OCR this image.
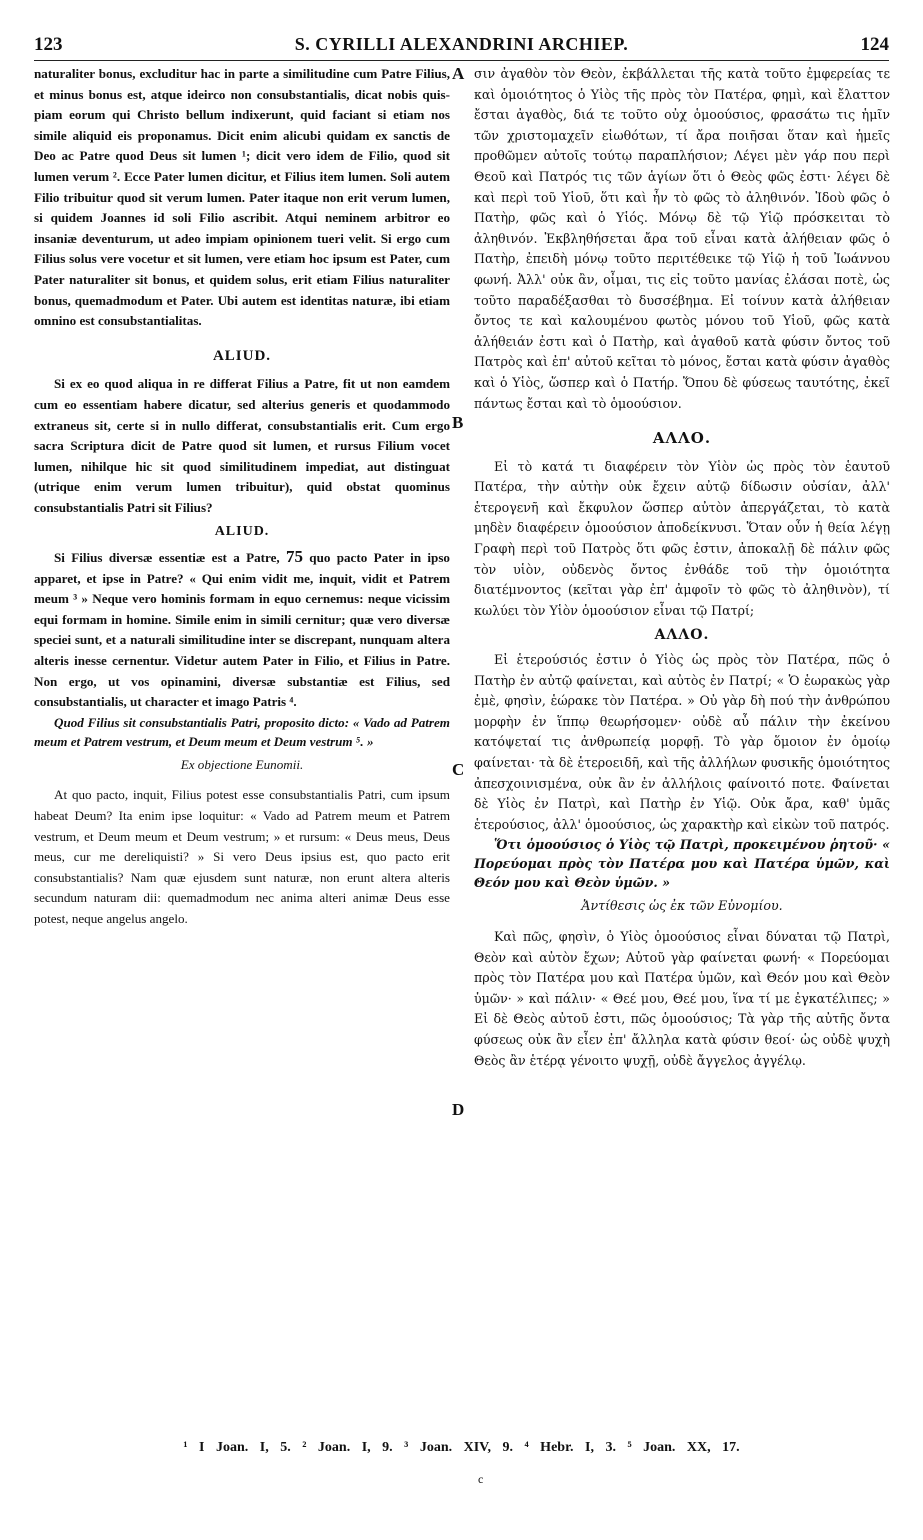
123	S. CYRILLI ALEXANDRINI ARCHIEP.	124
A
B
C
D

naturaliter bonus, excluditur hac in parte a similitudine cum Patre Filius, et minus bonus est, atque ideirco non consubstantialis, dicat nobis quispiam eorum qui Christo bellum indixerunt, quid faciant si etiam nos simile aliquid eis proponamus. Dicit enim alicubi quidam ex sanctis de Deo ac Patre quod Deus sit lumen ¹; dicit vero idem de Filio, quod sit lumen verum ². Ecce Pater lumen dicitur, et Filius item lumen. Soli autem Filio tribuitur quod sit verum lumen. Pater itaque non erit verum lumen, si quidem Joannes id soli Filio ascribit. Atqui neminem arbitror eo insaniæ deventurum, ut adeo impiam opinionem tueri velit. Si ergo cum Filius solus vere vocetur et sit lumen, vere etiam hoc ipsum est Pater, cum Pater naturaliter sit bonus, et quidem solus, erit etiam Filius naturaliter bonus, quemadmodum et Pater. Ubi autem est identitas naturæ, ibi etiam omnino est consubstantialitas.

ALIUD.

Si ex eo quod aliqua in re differat Filius a Patre, fit ut non eamdem cum eo essentiam habere dicatur, sed alterius generis et quodammodo extraneus sit, certe si in nullo differat, consubstantialis erit. Cum ergo sacra Scriptura dicit de Patre quod sit lumen, et rursus Filium vocet lumen, nihilque hic sit quod similitudinem impediat, aut distinguat (utrique enim verum lumen tribuitur), quid obstat quominus consubstantialis Patri sit Filius?

ALIUD.

Si Filius diversæ essentiæ est a Patre, 75 quo pacto Pater in ipso apparet, et ipse in Patre? « Qui enim vidit me, inquit, vidit et Patrem meum ³ » Neque vero hominis formam in equo cernemus: neque vicissim equi formam in homine. Simile enim in simili cernitur; quæ vero diversæ speciei sunt, et a naturali similitudine inter se discrepant, nunquam altera alteris inesse cernentur. Videtur autem Pater in Filio, et Filius in Patre. Non ergo, ut vos opinamini, diversæ substantiæ est Filius, sed consubstantialis, ut character et imago Patris ⁴.

Quod Filius sit consubstantialis Patri, proposito dicto: « Vado ad Patrem meum et Patrem vestrum, et Deum meum et Deum vestrum ⁵. »

Ex objectione Eunomii.

At quo pacto, inquit, Filius potest esse consubstantialis Patri, cum ipsum habeat Deum? Ita enim ipse loquitur: « Vado ad Patrem meum et Patrem vestrum, et Deum meum et Deum vestrum; » et rursum: « Deus meus, Deus meus, cur me dereliquisti? » Si vero Deus ipsius est, quo pacto erit consubstantialis? Nam quæ ejusdem sunt naturæ, non erunt altera alteris secundum naturam dii: quemadmodum nec anima alteri animæ Deus esse potest, neque angelus angelo.

σιν ἀγαθὸν τὸν Θεὸν, ἐκβάλλεται τῆς κατὰ τοῦτο ἐμφερείας τε καὶ ὁμοιότητος ὁ Υἱὸς τῆς πρὸς τὸν Πατέρα, φημὶ, καὶ ἔλαττον ἔσται ἀγαθὸς, διά τε τοῦτο οὐχ ὁμοούσιος, φρασάτω τις ἡμῖν τῶν χριστομαχεῖν εἰωθότων, τί ἄρα ποιῆσαι ὅταν καὶ ἡμεῖς προθῶμεν αὐτοῖς τούτῳ παραπλήσιον; Λέγει μὲν γάρ που περὶ Θεοῦ καὶ Πατρός τις τῶν ἁγίων ὅτι ὁ Θεὸς φῶς ἐστι· λέγει δὲ καὶ περὶ τοῦ Υἱοῦ, ὅτι καὶ ἦν τὸ φῶς τὸ ἀληθινόν. Ἰδοὺ φῶς ὁ Πατὴρ, φῶς καὶ ὁ Υἱός. Μόνῳ δὲ τῷ Υἱῷ πρόσκειται τὸ ἀληθινόν. Ἐκβληθήσεται ἄρα τοῦ εἶναι κατὰ ἀλήθειαν φῶς ὁ Πατὴρ, ἐπειδὴ μόνῳ τοῦτο περιτέθεικε τῷ Υἱῷ ἡ τοῦ Ἰωάννου φωνή. Ἀλλ' οὐκ ἂν, οἶμαι, τις εἰς τοῦτο μανίας ἐλάσαι ποτὲ, ὡς τοῦτο παραδέξασθαι τὸ δυσσέβημα. Εἰ τοίνυν κατὰ ἀλήθειαν ὄντος τε καὶ καλουμένου φωτὸς μόνου τοῦ Υἱοῦ, φῶς κατὰ ἀλήθειάν ἐστι καὶ ὁ Πατὴρ, καὶ ἀγαθοῦ κατὰ φύσιν ὄντος τοῦ Πατρὸς καὶ ἐπ' αὐτοῦ κεῖται τὸ μόνος, ἔσται κατὰ φύσιν ἀγαθὸς καὶ ὁ Υἱὸς, ὥσπερ καὶ ὁ Πατήρ. Ὅπου δὲ φύσεως ταυτότης, ἐκεῖ πάντως ἔσται καὶ τὸ ὁμοούσιον.

ΑΛΛΟ.

Εἰ τὸ κατά τι διαφέρειν τὸν Υἱὸν ὡς πρὸς τὸν ἑαυτοῦ Πατέρα, τὴν αὐτὴν οὐκ ἔχειν αὐτῷ δίδωσιν οὐσίαν, ἀλλ' ἑτερογενῆ καὶ ἔκφυλον ὥσπερ αὐτὸν ἀπεργάζεται, τὸ κατὰ μηδὲν διαφέρειν ὁμοούσιον ἀποδείκνυσι. Ὅταν οὖν ἡ θεία λέγῃ Γραφὴ περὶ τοῦ Πατρὸς ὅτι φῶς ἐστιν, ἀποκαλῇ δὲ πάλιν φῶς τὸν υἱὸν, οὐδενὸς ὄντος ἐνθάδε τοῦ τὴν ὁμοιότητα διατέμνοντος (κεῖται γὰρ ἐπ' ἀμφοῖν τὸ φῶς τὸ ἀληθινὸν), τί κωλύει τὸν Υἱὸν ὁμοούσιον εἶναι τῷ Πατρί;

ΑΛΛΟ.

Εἰ ἑτερούσιός ἐστιν ὁ Υἱὸς ὡς πρὸς τὸν Πατέρα, πῶς ὁ Πατὴρ ἐν αὐτῷ φαίνεται, καὶ αὐτὸς ἐν Πατρί; « Ὁ ἑωρακὼς γὰρ ἐμὲ, φησὶν, ἑώρακε τὸν Πατέρα. » Οὐ γὰρ δὴ πού τὴν ἀνθρώπου μορφὴν ἐν ἵππῳ θεωρήσομεν· οὐδὲ αὖ πάλιν τὴν ἐκείνου κατόψεταί τις ἀνθρωπείᾳ μορφῇ. Τὸ γὰρ ὅμοιον ἐν ὁμοίῳ φαίνεται· τὰ δὲ ἑτεροειδῆ, καὶ τῆς ἀλλήλων φυσικῆς ὁμοιότητος ἀπεσχοινισμένα, οὐκ ἂν ἐν ἀλλήλοις φαίνοιτό ποτε. Φαίνεται δὲ Υἱὸς ἐν Πατρὶ, καὶ Πατὴρ ἐν Υἱῷ. Οὐκ ἄρα, καθ' ὑμᾶς ἑτερούσιος, ἀλλ' ὁμοούσιος, ὡς χαρακτὴρ καὶ εἰκὼν τοῦ πατρός.

Ὅτι ὁμοούσιος ὁ Υἱὸς τῷ Πατρὶ, προκειμένου ῥητοῦ· « Πορεύομαι πρὸς τὸν Πατέρα μου καὶ Πατέρα ὑμῶν, καὶ Θεόν μου καὶ Θεὸν ὑμῶν. »

Ἀντίθεσις ὡς ἐκ τῶν Εὐνομίου.

Καὶ πῶς, φησὶν, ὁ Υἱὸς ὁμοούσιος εἶναι δύναται τῷ Πατρὶ, Θεὸν καὶ αὐτὸν ἔχων; Αὐτοῦ γὰρ φαίνεται φωνή· « Πορεύομαι πρὸς τὸν Πατέρα μου καὶ Πατέρα ὑμῶν, καὶ Θεόν μου καὶ Θεὸν ὑμῶν· » καὶ πάλιν· « Θεέ μου, Θεέ μου, ἵνα τί με ἐγκατέλιπες; » Εἰ δὲ Θεὸς αὐτοῦ ἐστι, πῶς ὁμοούσιος; Τὰ γὰρ τῆς αὐτῆς ὄντα φύσεως οὐκ ἂν εἶεν ἐπ' ἄλληλα κατὰ φύσιν θεοί· ὡς οὐδὲ ψυχὴ Θεὸς ἂν ἑτέρᾳ γένοιτο ψυχῇ, οὐδὲ ἄγγελος ἀγγέλῳ.

¹ I Joan. I, 5. ² Joan. I, 9. ³ Joan. XIV, 9. ⁴ Hebr. I, 3. ⁵ Joan. XX, 17.
c
